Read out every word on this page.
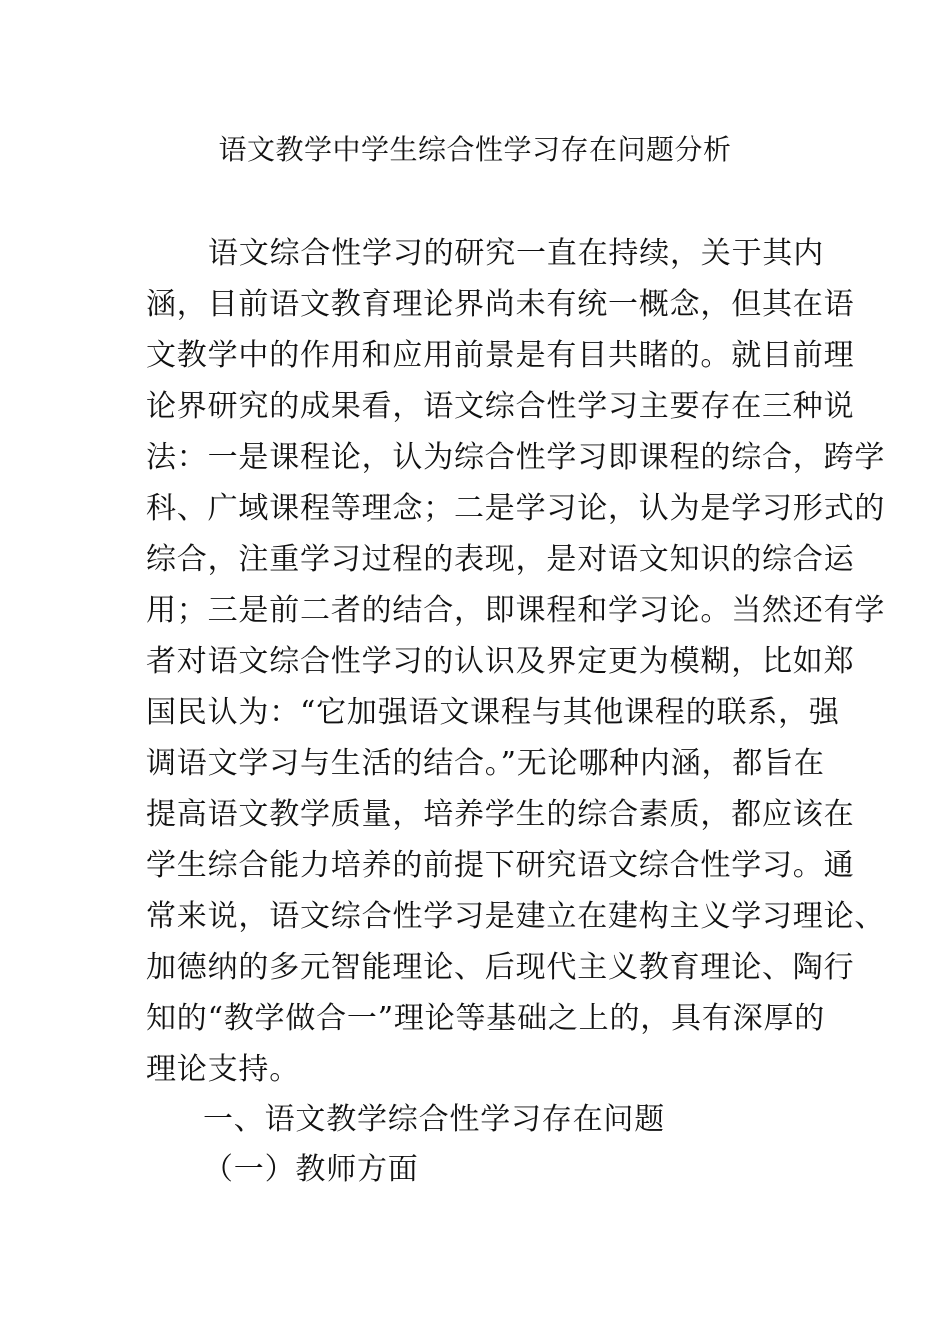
语文教学中学生综合性学习存在问题分析
语文综合性学习的研究一直在持续，关于其内
涵，目前语文教育理论界尚未有统一概念，但其在语
文教学中的作用和应用前景是有目共睹的。就目前理
论界研究的成果看，语文综合性学习主要存在三种说
法：一是课程论，认为综合性学习即课程的综合，跨学
科、广域课程等理念；二是学习论，认为是学习形式的
综合，注重学习过程的表现，是对语文知识的综合运
用；三是前二者的结合，即课程和学习论。当然还有学
者对语文综合性学习的认识及界定更为模糊，比如郑
国民认为：“它加强语文课程与其他课程的联系，强
调语文学习与生活的结合。”无论哪种内涵，都旨在
提高语文教学质量，培养学生的综合素质，都应该在
学生综合能力培养的前提下研究语文综合性学习。通
常来说，语文综合性学习是建立在建构主义学习理论、
加德纳的多元智能理论、后现代主义教育理论、陶行
知的“教学做合一”理论等基础之上的，具有深厚的
理论支持。
一、语文教学综合性学习存在问题
（一）教师方面
